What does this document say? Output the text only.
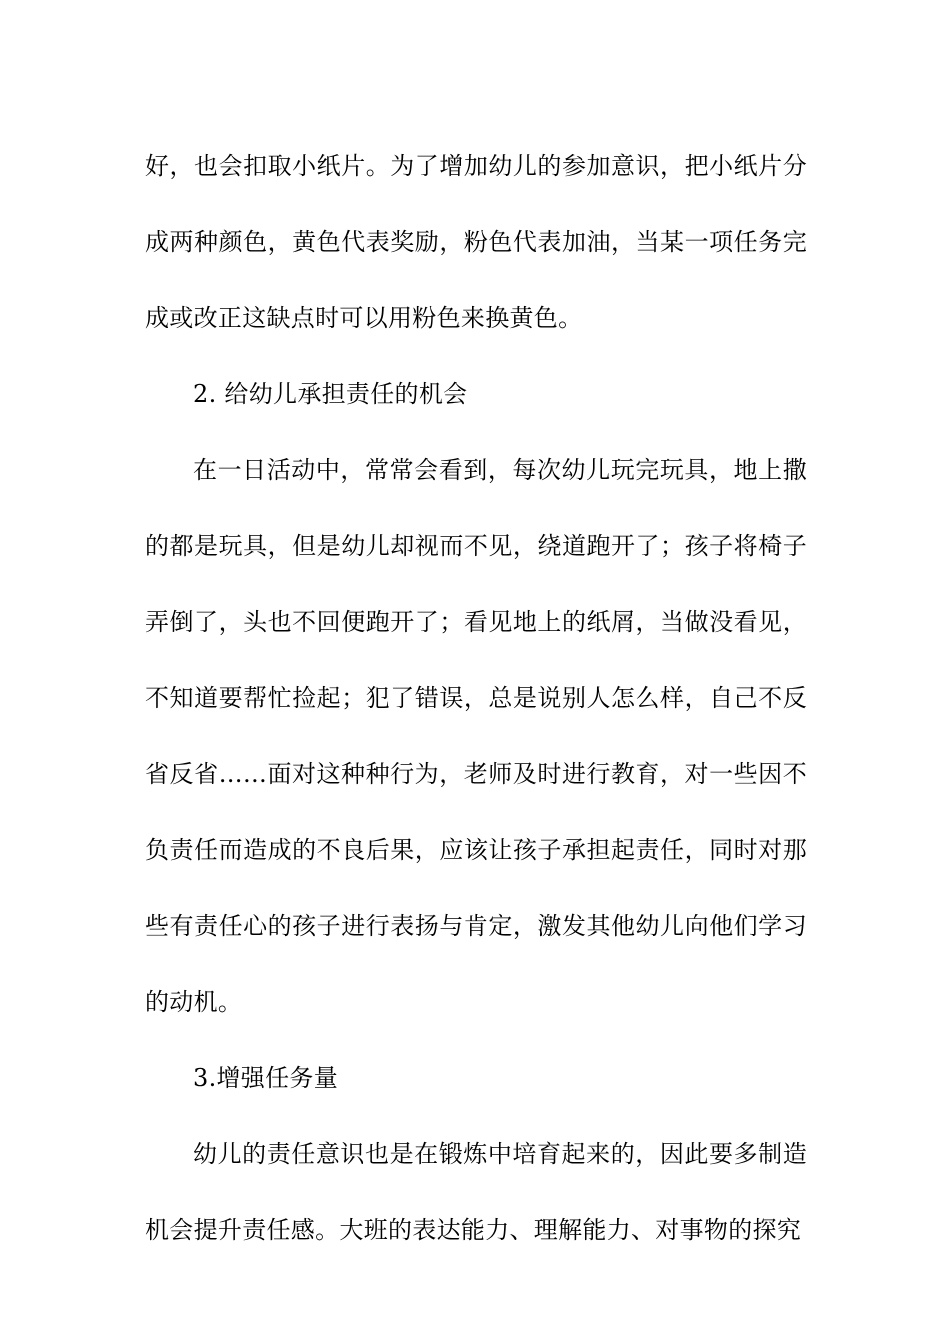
好，也会扣取小纸片。为了增加幼儿的参加意识，把小纸片分成两种颜色，黄色代表奖励，粉色代表加油，当某一项任务完成或改正这缺点时可以用粉色来换黄色。

2. 给幼儿承担责任的机会

在一日活动中，常常会看到，每次幼儿玩完玩具，地上撒的都是玩具，但是幼儿却视而不见，绕道跑开了；孩子将椅子弄倒了，头也不回便跑开了；看见地上的纸屑，当做没看见，不知道要帮忙捡起；犯了错误，总是说别人怎么样，自己不反省反省……面对这种种行为，老师及时进行教育，对一些因不负责任而造成的不良后果，应该让孩子承担起责任，同时对那些有责任心的孩子进行表扬与肯定，激发其他幼儿向他们学习的动机。

3.增强任务量

幼儿的责任意识也是在锻炼中培育起来的，因此要多制造机会提升责任感。大班的表达能力、理解能力、对事物的探究
